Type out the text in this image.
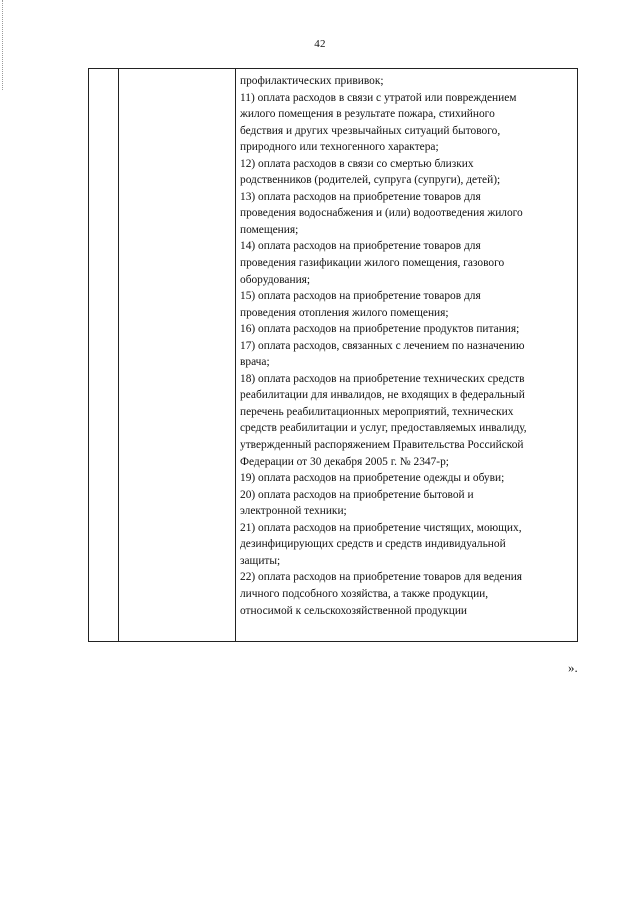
42
профилактических прививок;
11) оплата расходов в связи с утратой или повреждением
жилого помещения в результате пожара, стихийного
бедствия и других чрезвычайных ситуаций бытового,
природного или техногенного характера;
12) оплата расходов в связи со смертью близких
родственников (родителей, супруга (супруги), детей);
13) оплата расходов на приобретение товаров для
проведения водоснабжения и (или) водоотведения жилого
помещения;
14) оплата расходов на приобретение товаров для
проведения газификации жилого помещения, газового
оборудования;
15) оплата расходов на приобретение товаров для
проведения отопления жилого помещения;
16) оплата расходов на приобретение продуктов питания;
17) оплата расходов, связанных с лечением по назначению
врача;
18) оплата расходов на приобретение технических средств
реабилитации для инвалидов, не входящих в федеральный
перечень реабилитационных мероприятий, технических
средств реабилитации и услуг, предоставляемых инвалиду,
утвержденный распоряжением Правительства Российской
Федерации от 30 декабря 2005 г. № 2347-р;
19) оплата расходов на приобретение одежды и обуви;
20) оплата расходов на приобретение бытовой и
электронной техники;
21) оплата расходов на приобретение чистящих, моющих,
дезинфицирующих средств и средств индивидуальной
защиты;
22) оплата расходов на приобретение товаров для ведения
личного подсобного хозяйства, а также продукции,
относимой к сельскохозяйственной продукции
».
